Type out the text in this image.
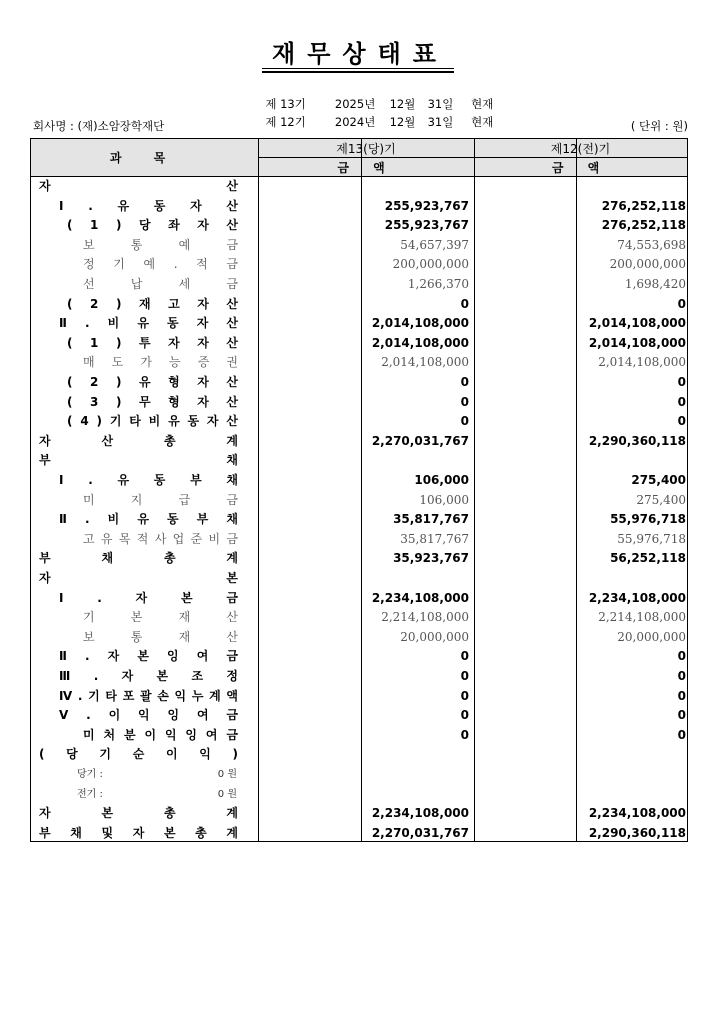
재무상태표

제 13기	2025년 12월 31일 현재

제 12기	2024년 12월 31일 현재

회사명 : (재)소암장학재단	( 단위 : 원)
과 목
제13(당)기	제12(전)기
금 액	금 액
자	산
Ⅰ . 유 동 자 산	255,923,767	276,252,118
( 1 ) 당 좌 자 산	255,923,767	276,252,118
보	통	예	금	54,657,397	74,553,698
정 기 예 . 적 금	200,000,000	200,000,000
선	납	세	금	1,266,370	1,698,420
( 2 ) 재 고 자 산	0	0
Ⅱ . 비 유 동 자 산	2,014,108,000	2,014,108,000
( 1 ) 투 자 자 산	2,014,108,000	2,014,108,000
매 도 가 능 증 권	2,014,108,000	2,014,108,000
( 2 ) 유 형 자 산	0	0
( 3 ) 무 형 자 산	0	0
( 4 ) 기 타 비 유 동 자 산	0	0
자	산	총	계	2,270,031,767	2,290,360,118
부	채
Ⅰ . 유 동 부 채	106,000	275,400
미	지	급	금	106,000	275,400
Ⅱ . 비 유 동 부 채	35,817,767	55,976,718
고 유 목 적 사 업 준 비 금	35,817,767	55,976,718
부	채	총	계	35,923,767	56,252,118
자	본
Ⅰ	.	자	본	금	2,234,108,000	2,234,108,000
기	본	재	산	2,214,108,000	2,214,108,000
보	통	재	산	20,000,000	20,000,000
Ⅱ . 자 본 잉 여 금	0	0
Ⅲ . 자 본 조 정	0	0
Ⅳ . 기 타 포 괄 손 익 누 계 액	0	0
Ⅴ . 이 익 잉 여 금	0	0
미 처 분 이 익 잉 여 금	0	0
( 당 기 순 이 익 )
당기 :	0 원
전기 :	0 원
자	본	총	계	2,234,108,000	2,234,108,000
부 채 및 자 본 총 계	2,270,031,767	2,290,360,118
